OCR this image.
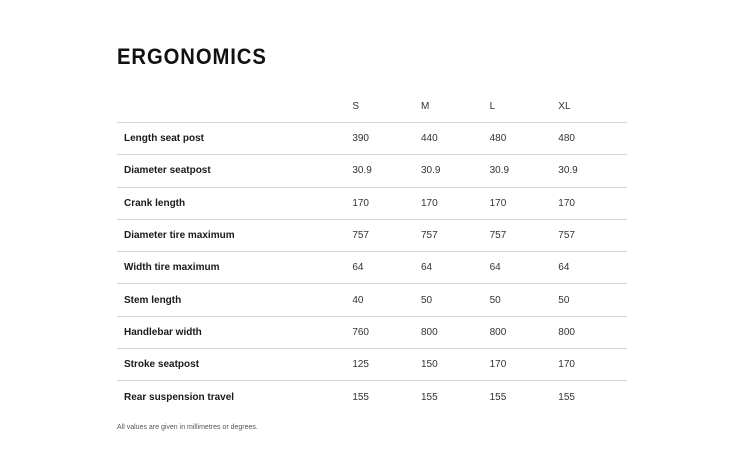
ERGONOMICS
	S	M	L	XL
Length seat post	390	440	480	480
Diameter seatpost	30.9	30.9	30.9	30.9
Crank length	170	170	170	170
Diameter tire maximum	757	757	757	757
Width tire maximum	64	64	64	64
Stem length	40	50	50	50
Handlebar width	760	800	800	800
Stroke seatpost	125	150	170	170
Rear suspension travel	155	155	155	155

All values are given in millimetres or degrees.
